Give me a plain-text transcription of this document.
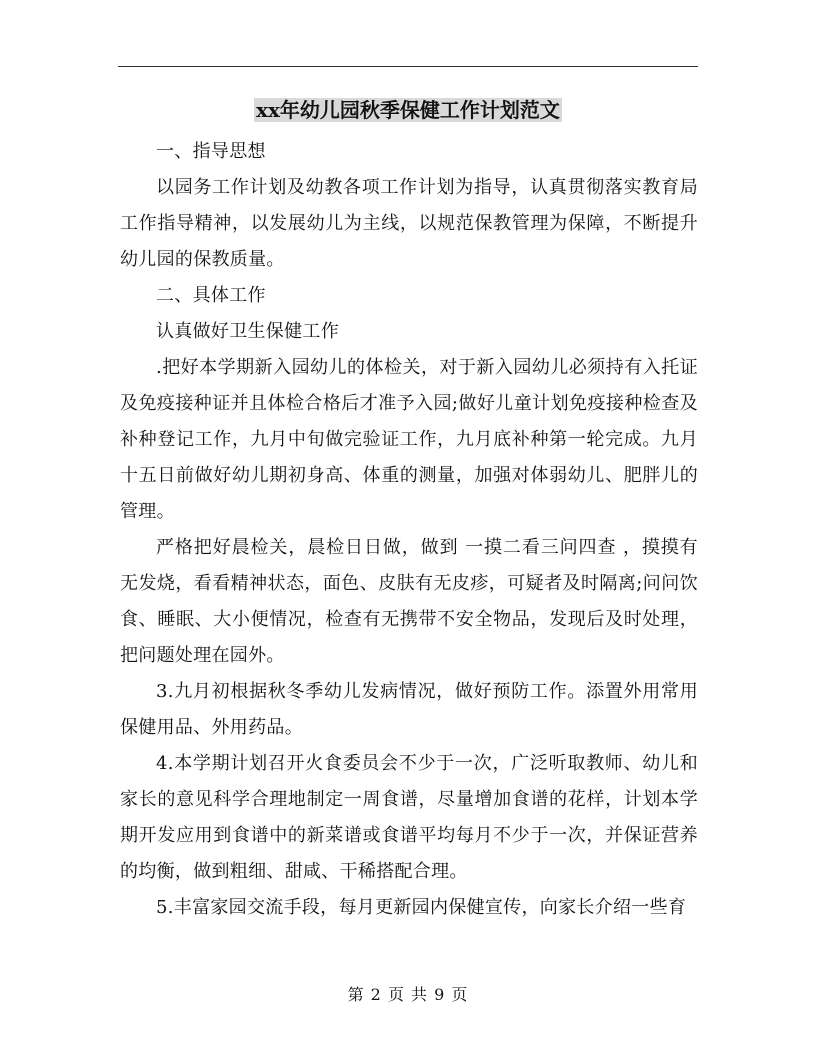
xx年幼儿园秋季保健工作计划范文

一、指导思想

以园务工作计划及幼教各项工作计划为指导，认真贯彻落实教育局工作指导精神，以发展幼儿为主线，以规范保教管理为保障，不断提升幼儿园的保教质量。

二、具体工作

认真做好卫生保健工作

.把好本学期新入园幼儿的体检关，对于新入园幼儿必须持有入托证及免疫接种证并且体检合格后才准予入园;做好儿童计划免疫接种检查及补种登记工作，九月中旬做完验证工作，九月底补种第一轮完成。九月十五日前做好幼儿期初身高、体重的测量，加强对体弱幼儿、肥胖儿的管理。

严格把好晨检关，晨检日日做，做到 一摸二看三问四查 ，摸摸有无发烧，看看精神状态，面色、皮肤有无皮疹，可疑者及时隔离;问问饮食、睡眠、大小便情况，检查有无携带不安全物品，发现后及时处理，把问题处理在园外。

3.九月初根据秋冬季幼儿发病情况，做好预防工作。添置外用常用保健用品、外用药品。

4.本学期计划召开火食委员会不少于一次，广泛听取教师、幼儿和家长的意见科学合理地制定一周食谱，尽量增加食谱的花样，计划本学期开发应用到食谱中的新菜谱或食谱平均每月不少于一次，并保证营养的均衡，做到粗细、甜咸、干稀搭配合理。

5.丰富家园交流手段，每月更新园内保健宣传，向家长介绍一些育

第 2 页 共 9 页
